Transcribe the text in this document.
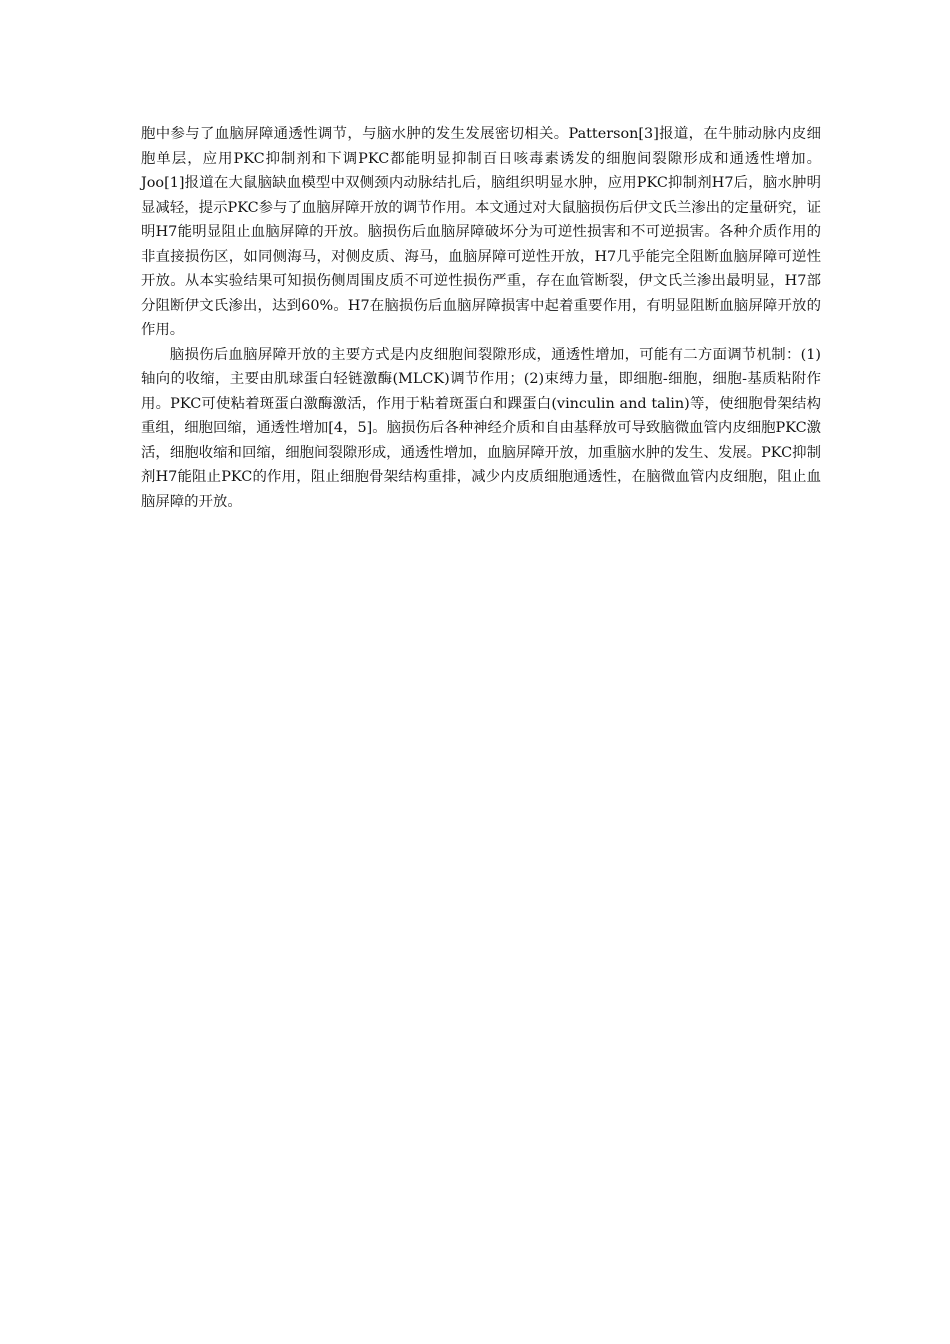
胞中参与了血脑屏障通透性调节，与脑水肿的发生发展密切相关。Patterson[3]报道，在牛肺动脉内皮细胞单层，应用PKC抑制剂和下调PKC都能明显抑制百日咳毒素诱发的细胞间裂隙形成和通透性增加。Joo[1]报道在大鼠脑缺血模型中双侧颈内动脉结扎后，脑组织明显水肿，应用PKC抑制剂H7后，脑水肿明显减轻，提示PKC参与了血脑屏障开放的调节作用。本文通过对大鼠脑损伤后伊文氏兰渗出的定量研究，证明H7能明显阻止血脑屏障的开放。脑损伤后血脑屏障破坏分为可逆性损害和不可逆损害。各种介质作用的非直接损伤区，如同侧海马，对侧皮质、海马，血脑屏障可逆性开放，H7几乎能完全阻断血脑屏障可逆性开放。从本实验结果可知损伤侧周围皮质不可逆性损伤严重，存在血管断裂，伊文氏兰渗出最明显，H7部分阻断伊文氏渗出，达到60%。H7在脑损伤后血脑屏障损害中起着重要作用，有明显阻断血脑屏障开放的作用。

脑损伤后血脑屏障开放的主要方式是内皮细胞间裂隙形成，通透性增加，可能有二方面调节机制：(1)轴向的收缩，主要由肌球蛋白轻链激酶(MLCK)调节作用；(2)束缚力量，即细胞-细胞，细胞-基质粘附作用。PKC可使粘着斑蛋白激酶激活，作用于粘着斑蛋白和踝蛋白(vinculin and talin)等，使细胞骨架结构重组，细胞回缩，通透性增加[4，5]。脑损伤后各种神经介质和自由基释放可导致脑微血管内皮细胞PKC激活，细胞收缩和回缩，细胞间裂隙形成，通透性增加，血脑屏障开放，加重脑水肿的发生、发展。PKC抑制剂H7能阻止PKC的作用，阻止细胞骨架结构重排，减少内皮质细胞通透性，在脑微血管内皮细胞，阻止血脑屏障的开放。
